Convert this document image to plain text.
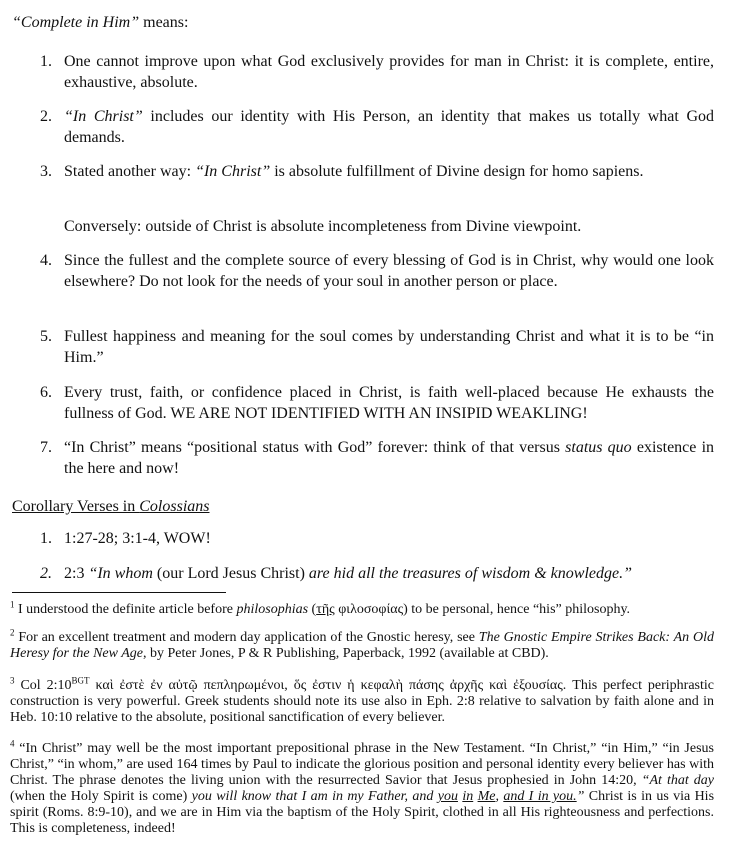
“Complete in Him” means:
1. One cannot improve upon what God exclusively provides for man in Christ: it is complete, entire, exhaustive, absolute.
2. “In Christ” includes our identity with His Person, an identity that makes us totally what God demands.
3. Stated another way: “In Christ” is absolute fulfillment of Divine design for homo sapiens.
Conversely: outside of Christ is absolute incompleteness from Divine viewpoint.
4. Since the fullest and the complete source of every blessing of God is in Christ, why would one look elsewhere? Do not look for the needs of your soul in another person or place.
5. Fullest happiness and meaning for the soul comes by understanding Christ and what it is to be “in Him.”
6. Every trust, faith, or confidence placed in Christ, is faith well-placed because He exhausts the fullness of God. WE ARE NOT IDENTIFIED WITH AN INSIPID WEAKLING!
7. “In Christ” means “positional status with God” forever: think of that versus status quo existence in the here and now!
Corollary Verses in Colossians
1. 1:27-28; 3:1-4, WOW!
2. 2:3 “In whom (our Lord Jesus Christ) are hid all the treasures of wisdom & knowledge.”
$^1$ I understood the definite article before philosophias (τῆς φιλοσοφίας) to be personal, hence “his” philosophy.
$^2$ For an excellent treatment and modern day application of the Gnostic heresy, see The Gnostic Empire Strikes Back: An Old Heresy for the New Age, by Peter Jones, P & R Publishing, Paperback, 1992 (available at CBD).
$^3$ Col $2:10^{BGT}$ καὶ ἐστὲ ἐν αὐτῷ πεπληρωμένοι, ὅς ἐστιν ἡ κεφαλὴ πάσης ἀρχῆς καὶ ἐξουσίας. This perfect periphrastic construction is very powerful. Greek students should note its use also in Eph. 2:8 relative to salvation by faith alone and in Heb. 10:10 relative to the absolute, positional sanctification of every believer.
$^4$ “In Christ” may well be the most important prepositional phrase in the New Testament. “In Christ,” “in Him,” “in Jesus Christ,” “in whom,” are used 164 times by Paul to indicate the glorious position and personal identity every believer has with Christ. The phrase denotes the living union with the resurrected Savior that Jesus prophesied in John 14:20, “At that day (when the Holy Spirit is come) you will know that I am in my Father, and you in Me, and I in you.” Christ is in us via His spirit (Roms. 8:9-10), and we are in Him via the baptism of the Holy Spirit, clothed in all His righteousness and perfections. This is completeness, indeed!
